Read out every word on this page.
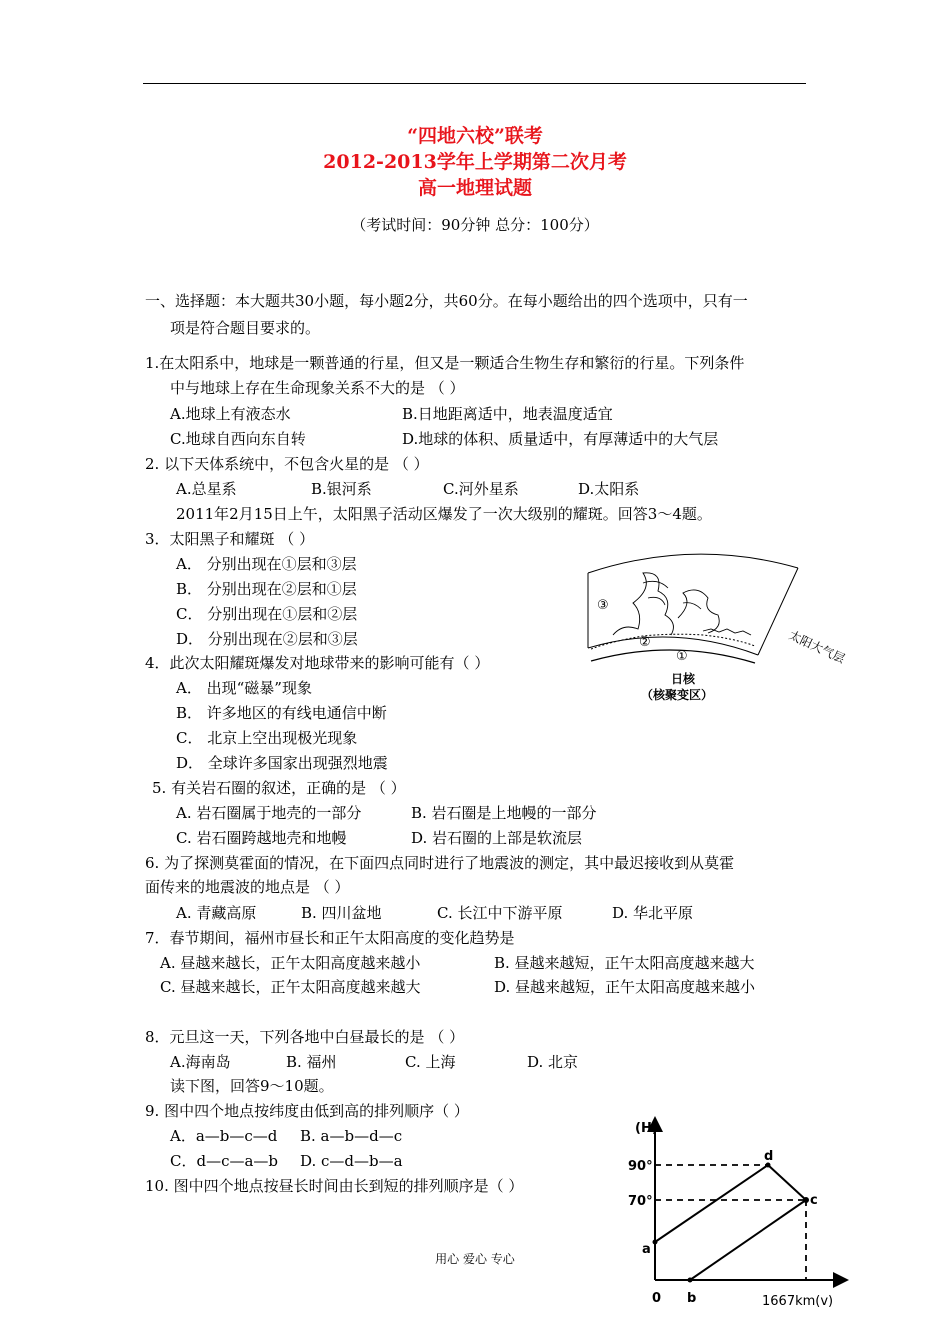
“四地六校”联考
2012-2013学年上学期第二次月考
高一地理试题
（考试时间：90分钟 总分：100分）
一、选择题：本大题共30小题，每小题2分，共60分。在每小题给出的四个选项中，只有一
项是符合题目要求的。
1.在太阳系中，地球是一颗普通的行星，但又是一颗适合生物生存和繁衍的行星。下列条件
中与地球上存在生命现象关系不大的是 （ ）
A.地球上有液态水	B.日地距离适中，地表温度适宜
C.地球自西向东自转	D.地球的体积、质量适中，有厚薄适中的大气层
2. 以下天体系统中，不包含火星的是 （ ）
A.总星系	B.银河系	C.河外星系	D.太阳系
2011年2月15日上午，太阳黑子活动区爆发了一次大级别的耀斑。回答3～4题。
3．太阳黑子和耀斑 （ ）
A． 分别出现在①层和③层
B． 分别出现在②层和①层
C． 分别出现在①层和②层
D． 分别出现在②层和③层
4．此次太阳耀斑爆发对地球带来的影响可能有（ ）
A． 出现“磁暴”现象
B． 许多地区的有线电通信中断
C． 北京上空出现极光现象
D． 全球许多国家出现强烈地震
5. 有关岩石圈的叙述，正确的是 （ ）
A. 岩石圈属于地壳的一部分	B. 岩石圈是上地幔的一部分
C. 岩石圈跨越地壳和地幔	D. 岩石圈的上部是软流层
6. 为了探测莫霍面的情况，在下面四点同时进行了地震波的测定，其中最迟接收到从莫霍
面传来的地震波的地点是 （ ）
A. 青藏高原	B. 四川盆地	C. 长江中下游平原	D. 华北平原
7．春节期间，福州市昼长和正午太阳高度的变化趋势是
A. 昼越来越长，正午太阳高度越来越小	B. 昼越来越短，正午太阳高度越来越大
C. 昼越来越长，正午太阳高度越来越大	D. 昼越来越短，正午太阳高度越来越小
8．元旦这一天，下列各地中白昼最长的是 （ ）
A.海南岛	B. 福州	C. 上海	D. 北京
读下图，回答9～10题。
9. 图中四个地点按纬度由低到高的排列顺序（ ）
A．a—b—c—d B. a—b—d—c
C．d—c—a—b D. c—d—b—a
10. 图中四个地点按昼长时间由长到短的排列顺序是（ ）
③
②
①	太阳大气层
日核
（核聚变区）
(H)
90°
70°
0	1667km(v)
a
b
c
d
用心 爱心 专心
